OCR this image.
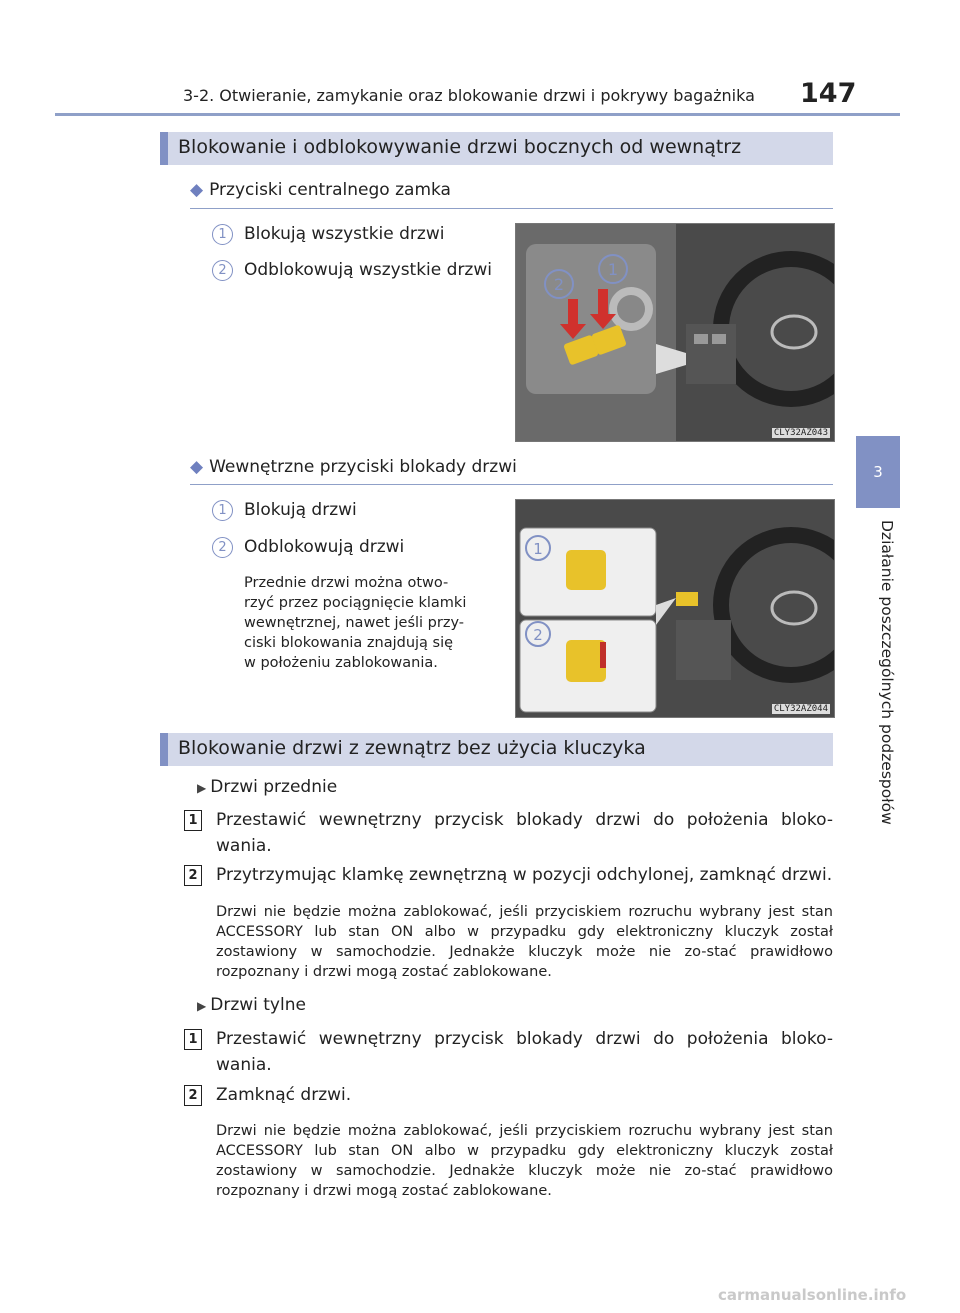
3-2. Otwieranie, zamykanie oraz blokowanie drzwi i pokrywy bagażnika 147
3
Działanie poszczególnych podzespołów
Blokowanie i odblokowywanie drzwi bocznych od wewnątrz
◆ Przyciski centralnego zamka
1	Blokują wszystkie drzwi
2	Odblokowują wszystkie drzwi
2
1
CLY32AZ043
◆ Wewnętrzne przyciski blokady drzwi
1	Blokują drzwi
2	Odblokowują drzwi
Przednie drzwi można otwo-
rzyć przez pociągnięcie klamki
wewnętrznej, nawet jeśli przy-
ciski blokowania znajdują się
w położeniu zablokowania.
1
2
CLY32AZ044
Blokowanie drzwi z zewnątrz bez użycia kluczyka
▶ Drzwi przednie
1 Przestawić wewnętrzny przycisk blokady drzwi do położenia bloko-wania.
2 Przytrzymując klamkę zewnętrzną w pozycji odchylonej, zamknąć drzwi.
Drzwi nie będzie można zablokować, jeśli przyciskiem rozruchu wybrany jest stan ACCESSORY lub stan ON albo w przypadku gdy elektroniczny kluczyk został zostawiony w samochodzie. Jednakże kluczyk może nie zo-stać prawidłowo rozpoznany i drzwi mogą zostać zablokowane.
▶ Drzwi tylne
1 Przestawić wewnętrzny przycisk blokady drzwi do położenia bloko-wania.
2 Zamknąć drzwi.
Drzwi nie będzie można zablokować, jeśli przyciskiem rozruchu wybrany jest stan ACCESSORY lub stan ON albo w przypadku gdy elektroniczny kluczyk został zostawiony w samochodzie. Jednakże kluczyk może nie zo-stać prawidłowo rozpoznany i drzwi mogą zostać zablokowane.
carmanualsonline.info
